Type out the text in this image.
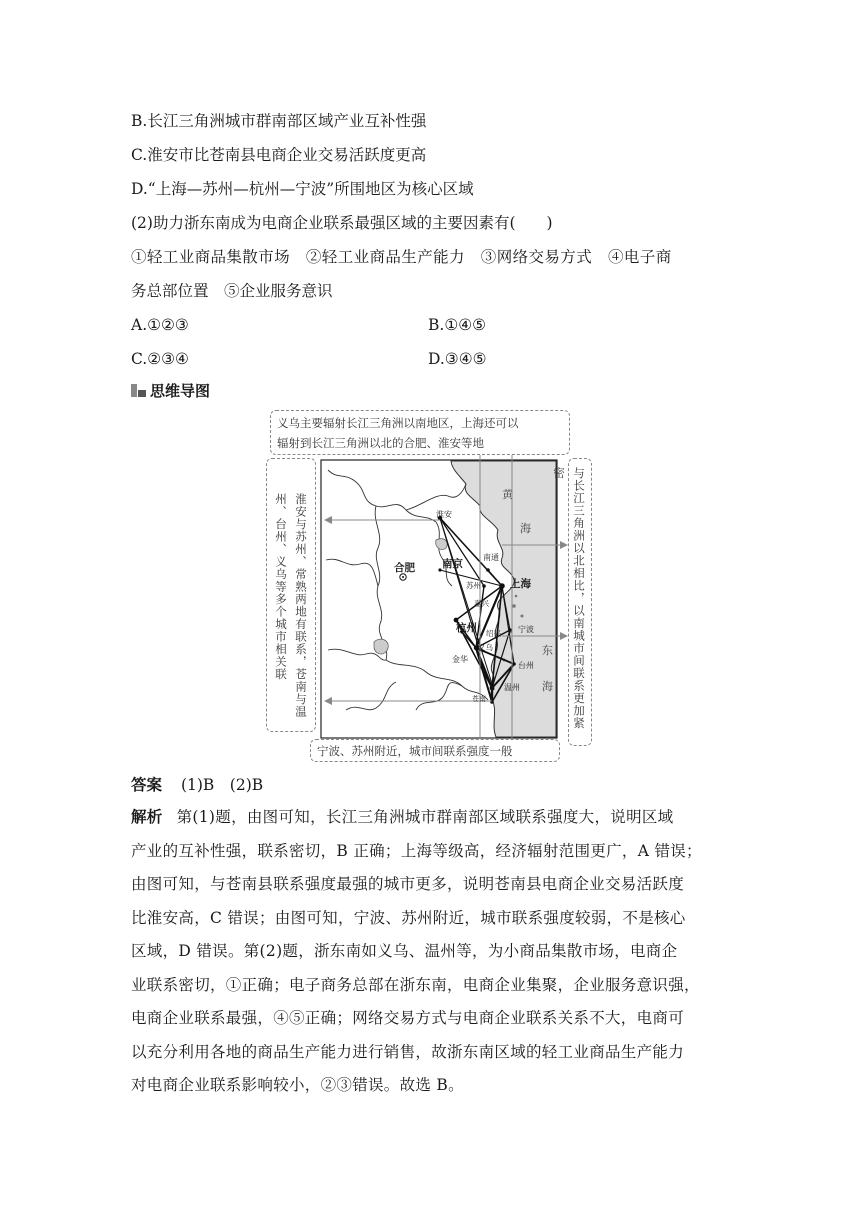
B.长江三角洲城市群南部区域产业互补性强
C.淮安市比苍南县电商企业交易活跃度更高
D.“上海—苏州—杭州—宁波”所围地区为核心区域
(2)助力浙东南成为电商企业联系最强区域的主要因素有(　　)
①轻工业商品集散市场　②轻工业商品生产能力　③网络交易方式　④电子商
务总部位置　⑤企业服务意识
A.①②③	B.①④⑤
C.②③④	D.③④⑤
思维导图
黄
海
东
海
淮安
合肥	南京
南通
苏州	上海
嘉兴
杭州 绍兴 宁波
义乌
金华
台州
温州
苍南
义乌主要辐射长江三角洲以南地区，上海还可以
辐射到长江三角洲以北的合肥、淮安等地
淮安与苏州、常熟两地有联系，苍南与温州、台州、义乌等多个城市相关联	与长江三角洲以北相比，以南城市间联系更加紧密
宁波、苏州附近，城市间联系强度一般
答案 (1)B　(2)B
解析 第(1)题，由图可知，长江三角洲城市群南部区域联系强度大，说明区域
产业的互补性强，联系密切，B 正确；上海等级高，经济辐射范围更广，A 错误；
由图可知，与苍南县联系强度最强的城市更多，说明苍南县电商企业交易活跃度
比淮安高，C 错误；由图可知，宁波、苏州附近，城市联系强度较弱，不是核心
区域，D 错误。第(2)题，浙东南如义乌、温州等，为小商品集散市场，电商企
业联系密切，①正确；电子商务总部在浙东南，电商企业集聚，企业服务意识强，
电商企业联系最强，④⑤正确；网络交易方式与电商企业联系关系不大，电商可
以充分利用各地的商品生产能力进行销售，故浙东南区域的轻工业商品生产能力
对电商企业联系影响较小，②③错误。故选 B。
